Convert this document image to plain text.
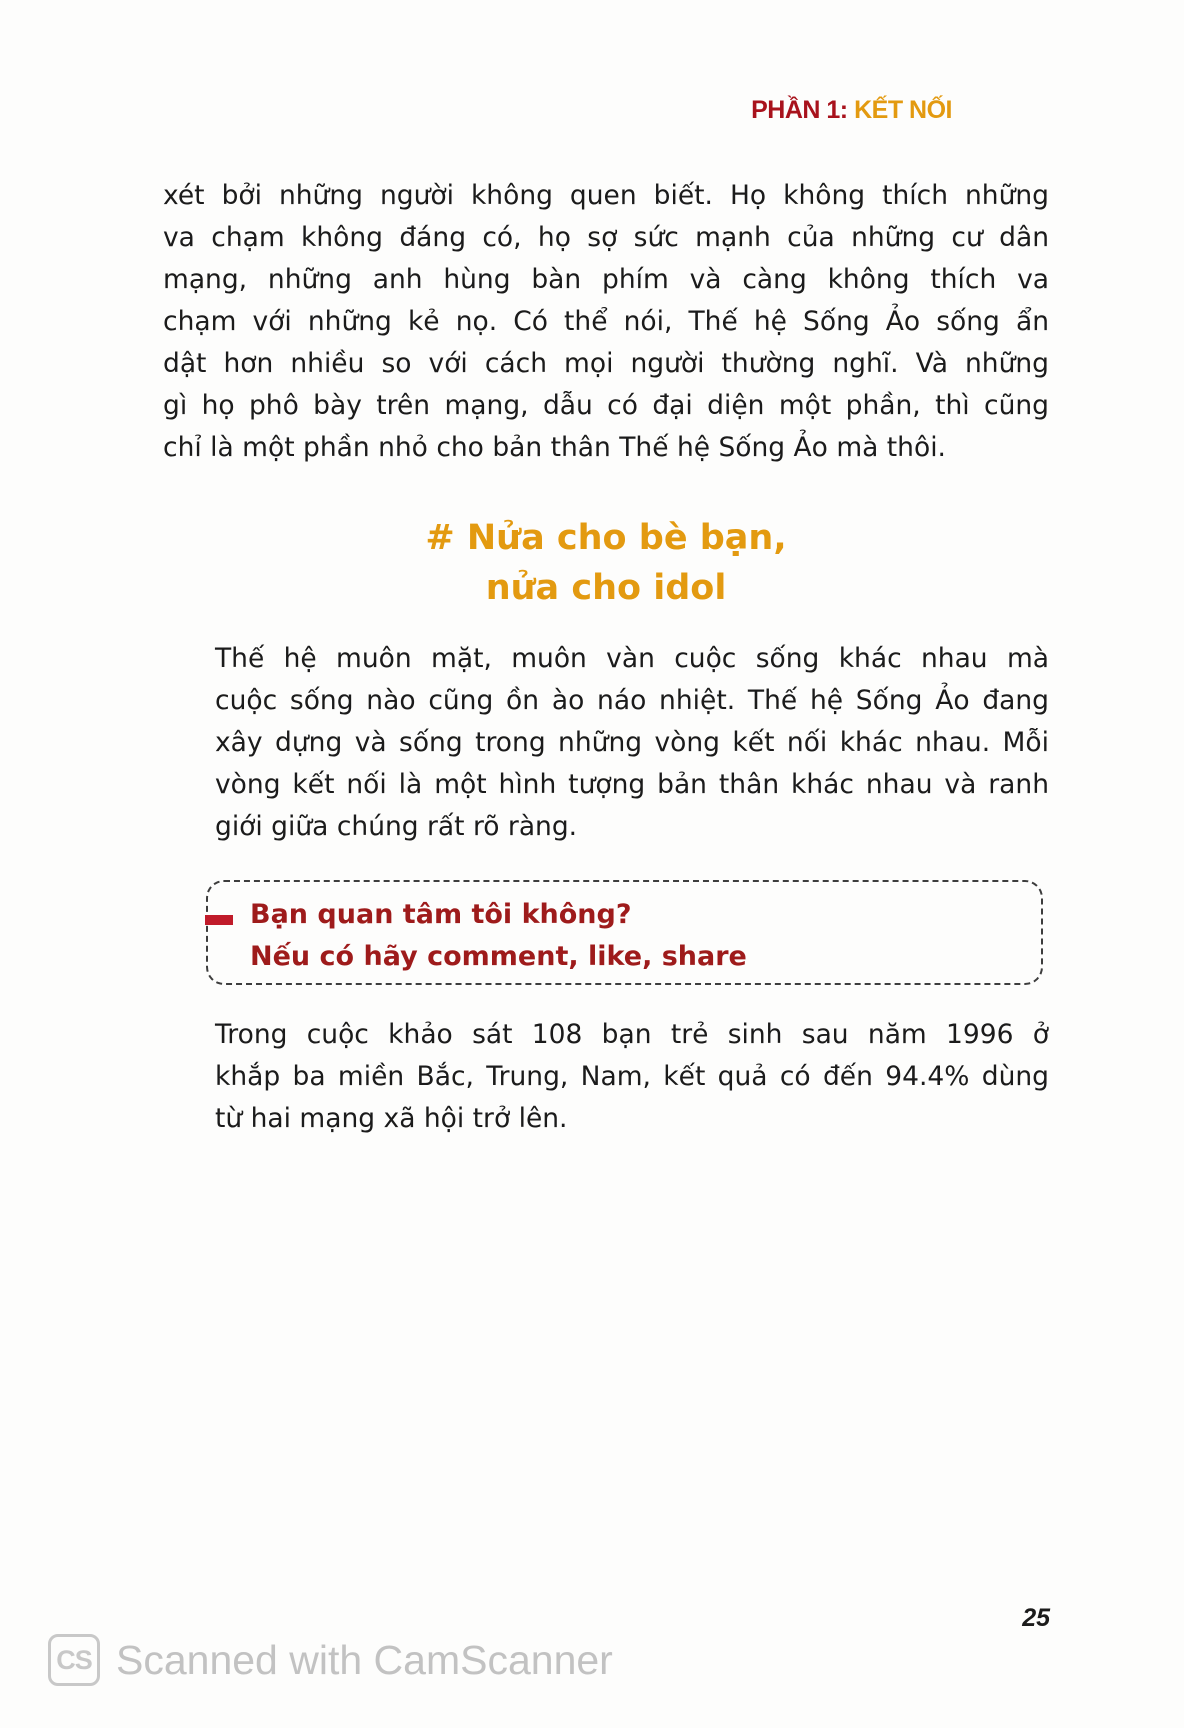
PHẦN 1: KẾT NỐI
xét bởi những người không quen biết. Họ không thích những
va chạm không đáng có, họ sợ sức mạnh của những cư dân
mạng, những anh hùng bàn phím và càng không thích va
chạm với những kẻ nọ. Có thể nói, Thế hệ Sống Ảo sống ẩn
dật hơn nhiều so với cách mọi người thường nghĩ. Và những
gì họ phô bày trên mạng, dẫu có đại diện một phần, thì cũng
chỉ là một phần nhỏ cho bản thân Thế hệ Sống Ảo mà thôi.
# Nửa cho bè bạn,
nửa cho idol
Thế hệ muôn mặt, muôn vàn cuộc sống khác nhau mà
cuộc sống nào cũng ồn ào náo nhiệt. Thế hệ Sống Ảo đang
xây dựng và sống trong những vòng kết nối khác nhau. Mỗi
vòng kết nối là một hình tượng bản thân khác nhau và ranh
giới giữa chúng rất rõ ràng.
Bạn quan tâm tôi không?
Nếu có hãy comment, like, share
Trong cuộc khảo sát 108 bạn trẻ sinh sau năm 1996 ở
khắp ba miền Bắc, Trung, Nam, kết quả có đến 94.4% dùng
từ hai mạng xã hội trở lên.
25
CS Scanned with CamScanner
